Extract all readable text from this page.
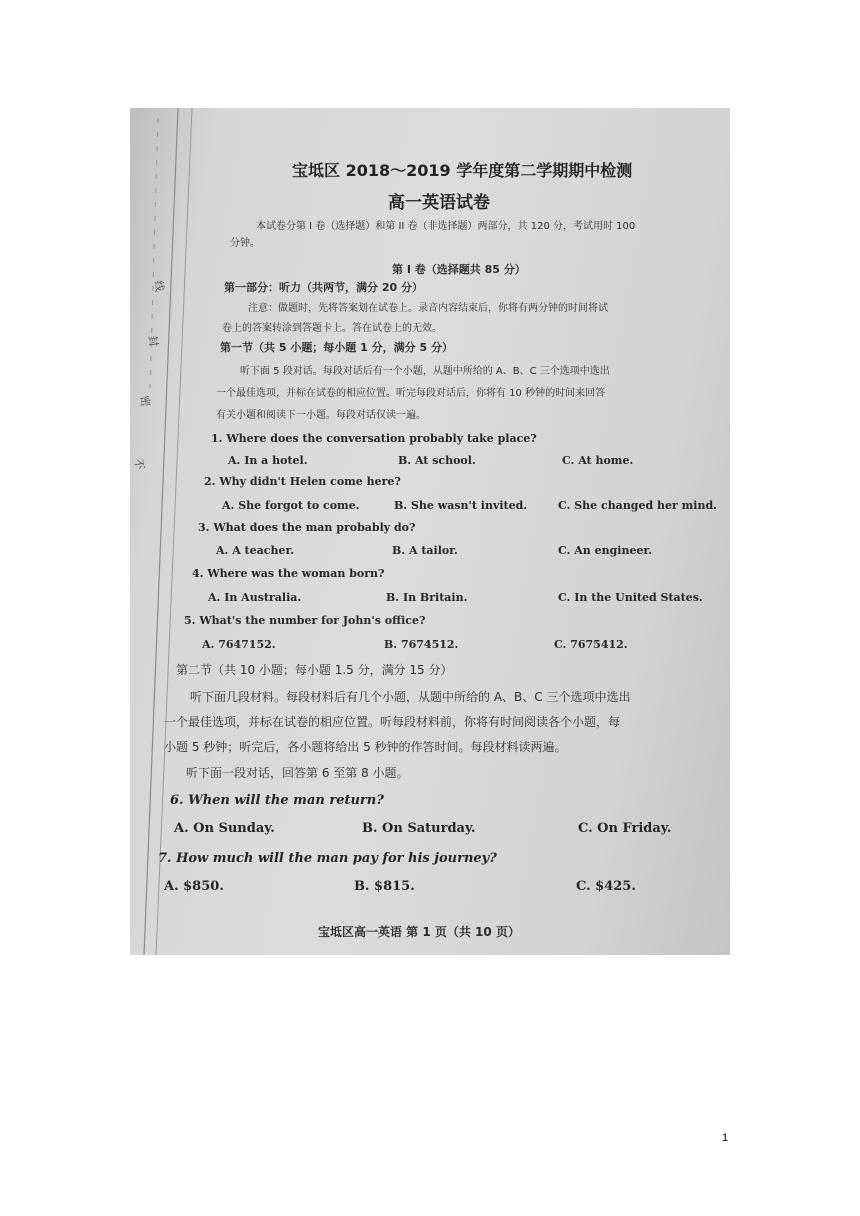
线
封
密
不
宝坻区 2018～2019 学年度第二学期期中检测
高一英语试卷
本试卷分第 I 卷（选择题）和第 II 卷（非选择题）两部分，共 120 分，考试用时 100
分钟。
第 I 卷（选择题共 85 分）
第一部分：听力（共两节，满分 20 分）
注意：做题时，先将答案划在试卷上。录音内容结束后，你将有两分钟的时间将试
卷上的答案转涂到答题卡上。答在试卷上的无效。
第一节（共 5 小题；每小题 1 分，满分 5 分）
听下面 5 段对话。每段对话后有一个小题，从题中所给的 A、B、C 三个选项中选出
一个最佳选项，并标在试卷的相应位置。听完每段对话后，你将有 10 秒钟的时间来回答
有关小题和阅读下一小题。每段对话仅读一遍。
1. Where does the conversation probably take place?
A. In a hotel.	B. At school.	C. At home.
2. Why didn't Helen come here?
A. She forgot to come.	B. She wasn't invited.	C. She changed her mind.
3. What does the man probably do?
A. A teacher.	B. A tailor.	C. An engineer.
4. Where was the woman born?
A. In Australia.	B. In Britain.	C. In the United States.
5. What's the number for John's office?
A. 7647152.	B. 7674512.	C. 7675412.
第二节（共 10 小题；每小题 1.5 分，满分 15 分）
听下面几段材料。每段材料后有几个小题，从题中所给的 A、B、C 三个选项中选出
一个最佳选项，并标在试卷的相应位置。听每段材料前，你将有时间阅读各个小题，每
小题 5 秒钟；听完后，各小题将给出 5 秒钟的作答时间。每段材料读两遍。
听下面一段对话，回答第 6 至第 8 小题。
6. When will the man return?
A. On Sunday.	B. On Saturday.	C. On Friday.
7. How much will the man pay for his journey?
A. $850.	B. $815.	C. $425.
宝坻区高一英语 第 1 页（共 10 页）
1
